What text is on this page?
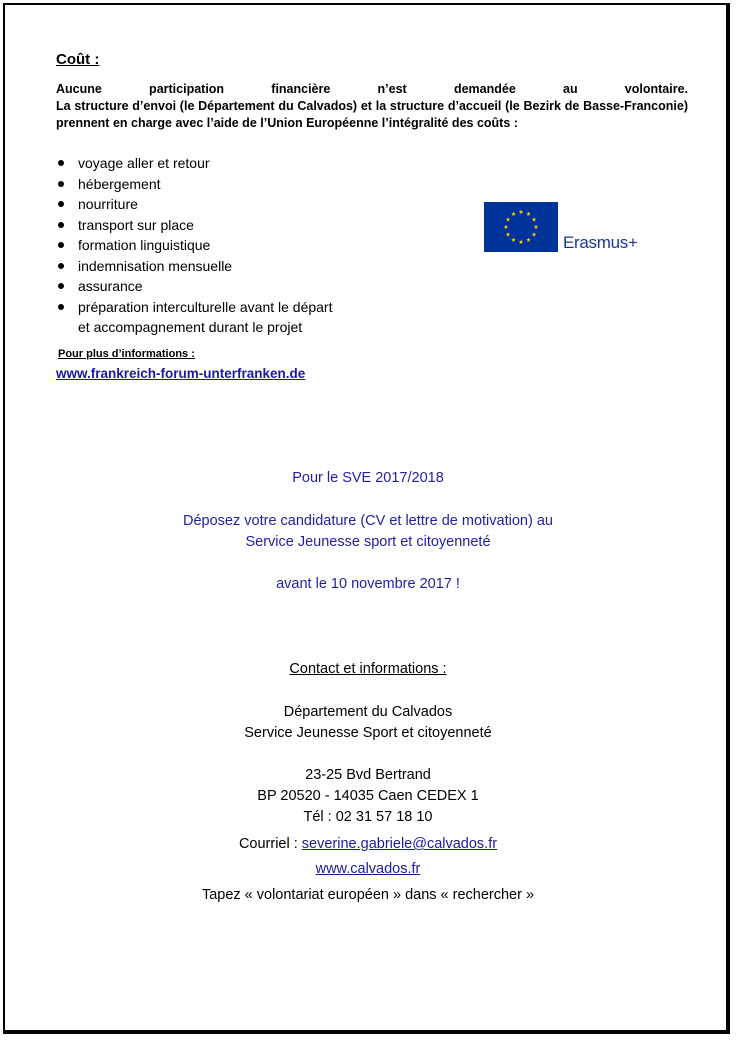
Coût :
Aucune participation financière n’est demandée au volontaire.
La structure d’envoi (le Département du Calvados) et la structure d’accueil (le Bezirk de Basse-Franconie) prennent en charge avec l’aide de l’Union Européenne l’intégralité des coûts :
voyage aller et retour
hébergement
nourriture
transport sur place
formation linguistique
indemnisation mensuelle
assurance
préparation interculturelle avant le départ
et accompagnement durant le projet
Pour plus d’informations :
www.frankreich-forum-unterfranken.de
Erasmus+
Pour le SVE 2017/2018
Déposez votre candidature (CV et lettre de motivation) au
Service Jeunesse sport et citoyenneté
avant le 10 novembre 2017 !
Contact et informations :
Département du Calvados
Service Jeunesse Sport et citoyenneté
23-25 Bvd Bertrand
BP 20520 - 14035 Caen CEDEX 1
Tél : 02 31 57 18 10
Courriel : severine.gabriele@calvados.fr
www.calvados.fr
Tapez « volontariat européen » dans « rechercher »
